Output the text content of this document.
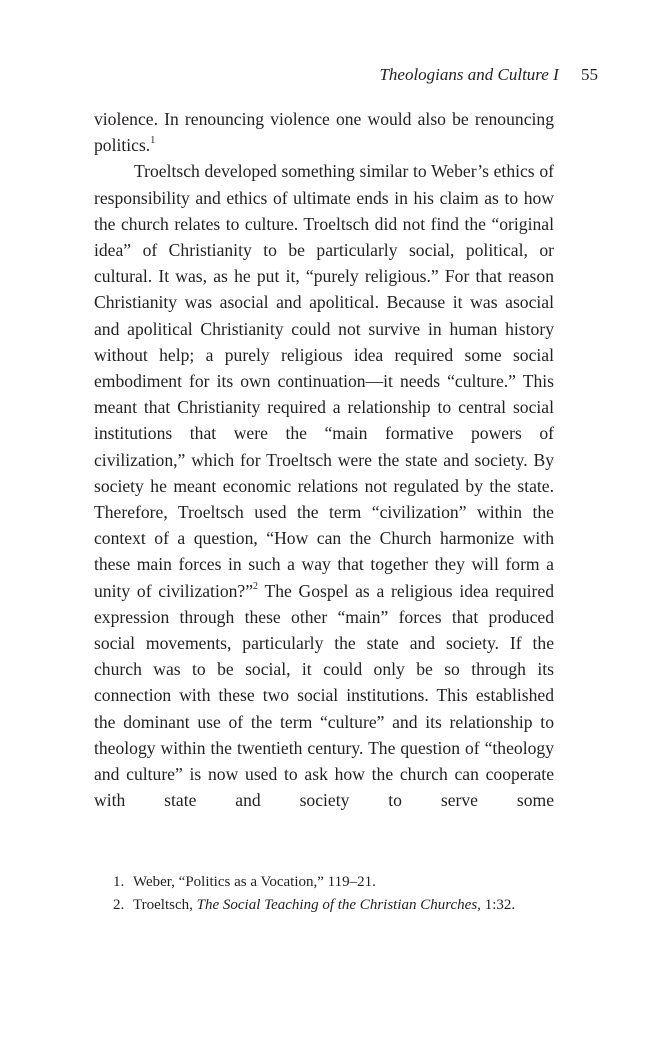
Theologians and Culture I 55

violence. In renouncing violence one would also be renouncing politics.$^1$

Troeltsch developed something similar to Weber’s ethics of responsibility and ethics of ultimate ends in his claim as to how the church relates to culture. Troeltsch did not find the “original idea” of Christianity to be particularly social, political, or cultural. It was, as he put it, “purely religious.” For that reason Christianity was asocial and apolitical. Because it was asocial and apolitical Christianity could not survive in human history without help; a purely religious idea required some social embodiment for its own continuation—it needs “culture.” This meant that Christianity required a relationship to central social institutions that were the “main formative powers of civilization,” which for Troeltsch were the state and society. By society he meant economic relations not regulated by the state. Therefore, Troeltsch used the term “civilization” within the context of a question, “How can the Church harmonize with these main forces in such a way that together they will form a unity of civilization?”$^2$ The Gospel as a religious idea required expression through these other “main” forces that produced social movements, particularly the state and society. If the church was to be social, it could only be so through its connection with these two social institutions. This established the dominant use of the term “culture” and its relationship to theology within the twentieth century. The question of “theology and culture” is now used to ask how the church can cooperate with state and society to serve some

1. Weber, “Politics as a Vocation,” 119–21.

2. Troeltsch, The Social Teaching of the Christian Churches, 1:32.
